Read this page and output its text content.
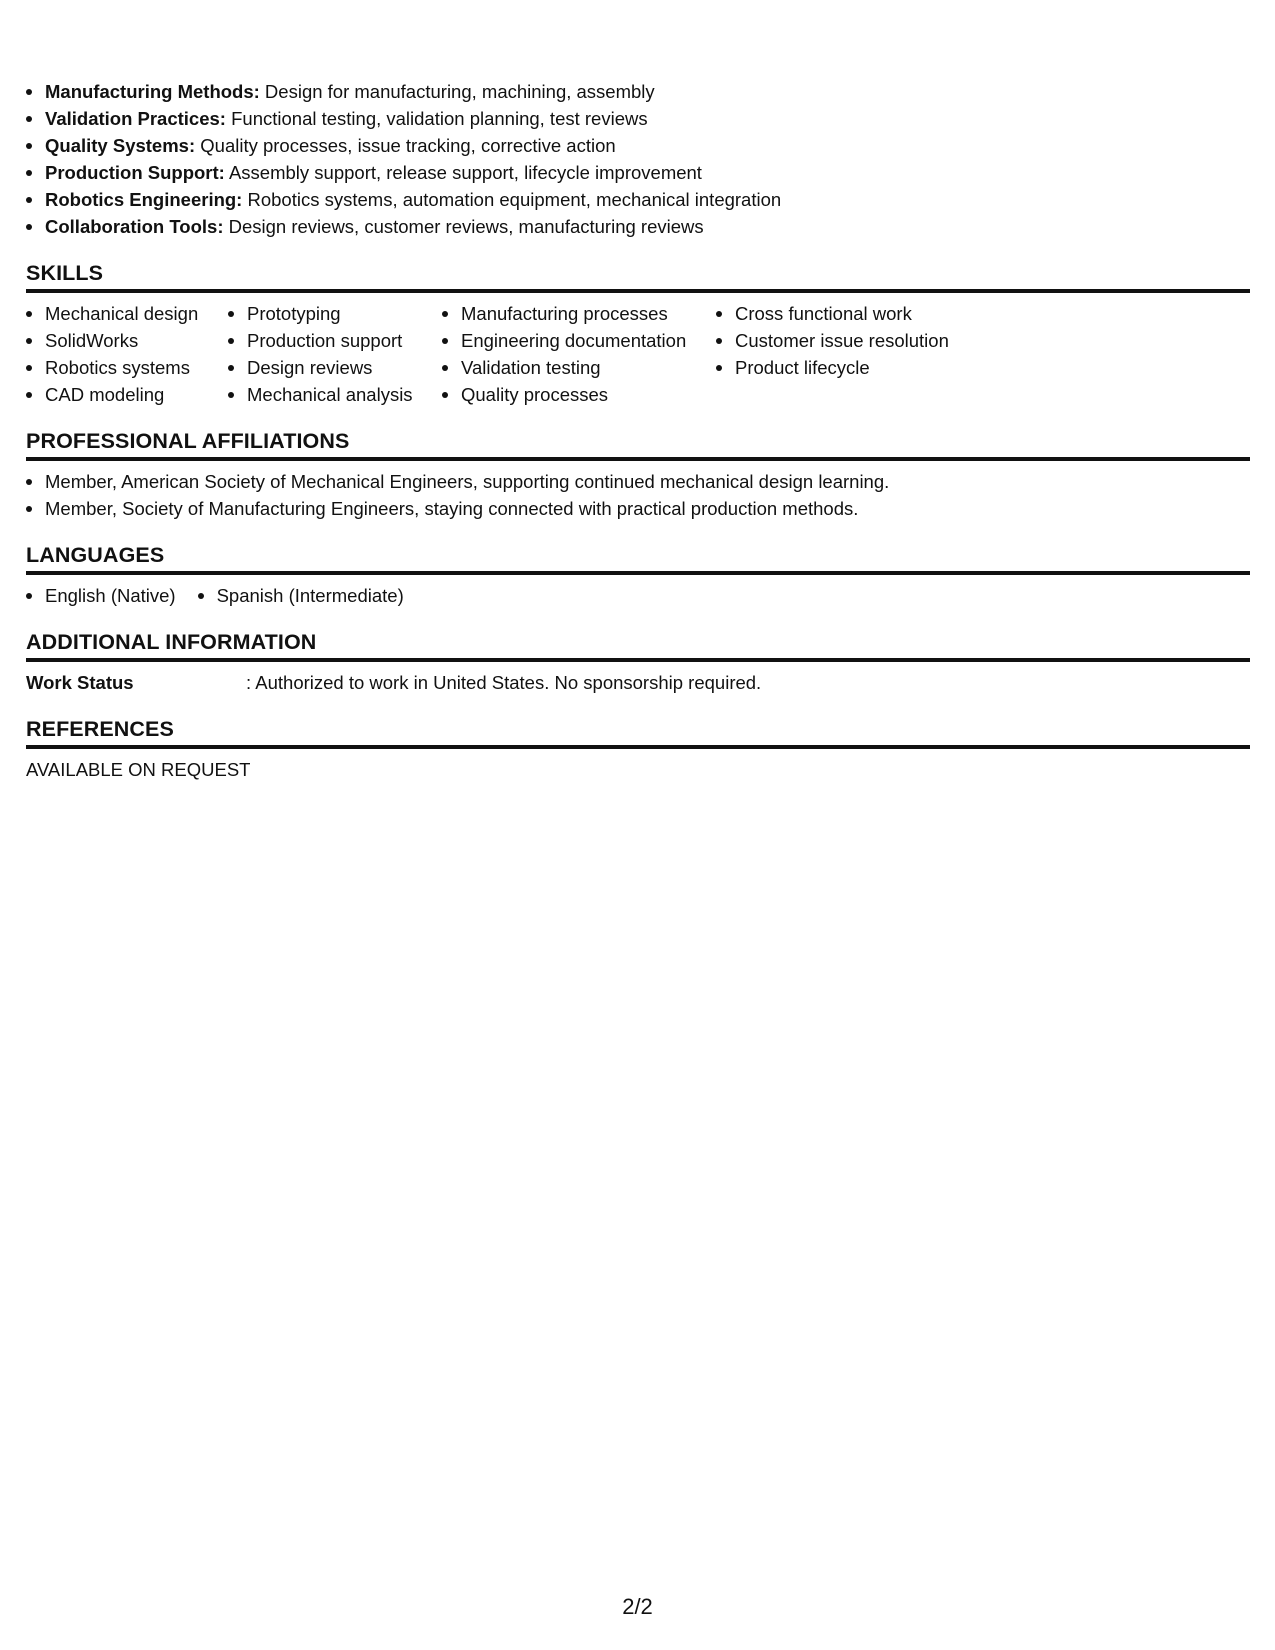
Manufacturing Methods: Design for manufacturing, machining, assembly
Validation Practices: Functional testing, validation planning, test reviews
Quality Systems: Quality processes, issue tracking, corrective action
Production Support: Assembly support, release support, lifecycle improvement
Robotics Engineering: Robotics systems, automation equipment, mechanical integration
Collaboration Tools: Design reviews, customer reviews, manufacturing reviews
SKILLS
Mechanical design
SolidWorks
Robotics systems
CAD modeling
Prototyping
Production support
Design reviews
Mechanical analysis
Manufacturing processes
Engineering documentation
Validation testing
Quality processes
Cross functional work
Customer issue resolution
Product lifecycle
PROFESSIONAL AFFILIATIONS
Member, American Society of Mechanical Engineers, supporting continued mechanical design learning.
Member, Society of Manufacturing Engineers, staying connected with practical production methods.
LANGUAGES
English (Native)	Spanish (Intermediate)
ADDITIONAL INFORMATION
Work Status	: Authorized to work in United States. No sponsorship required.
REFERENCES
AVAILABLE ON REQUEST
2/2
